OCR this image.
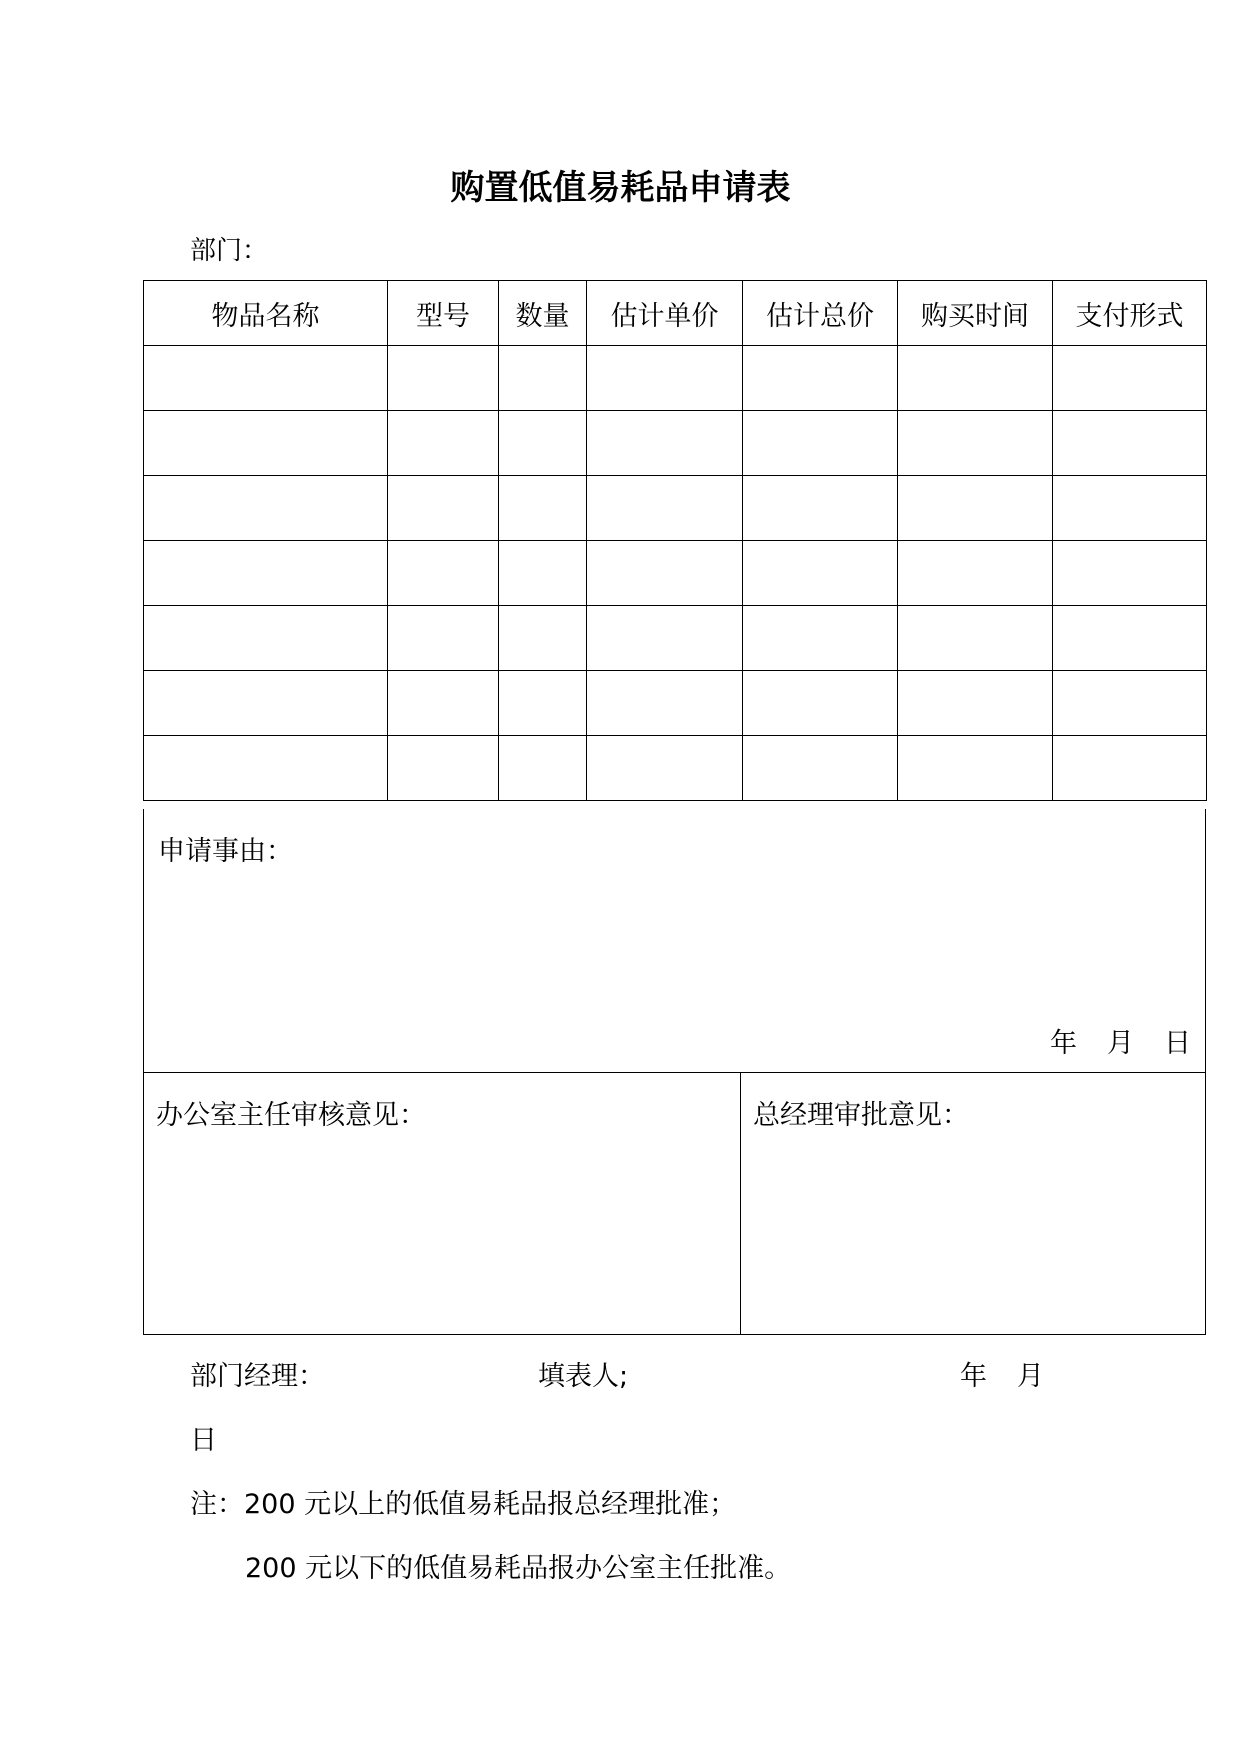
购置低值易耗品申请表
部门：
物品名称	型号	数量	估计单价	估计总价	购买时间	支付形式

申请事由：
年 月 日
办公室主任审核意见：	总经理审批意见：
部门经理：	填表人;	年 月
日
注：200 元以上的低值易耗品报总经理批准；
200 元以下的低值易耗品报办公室主任批准。
